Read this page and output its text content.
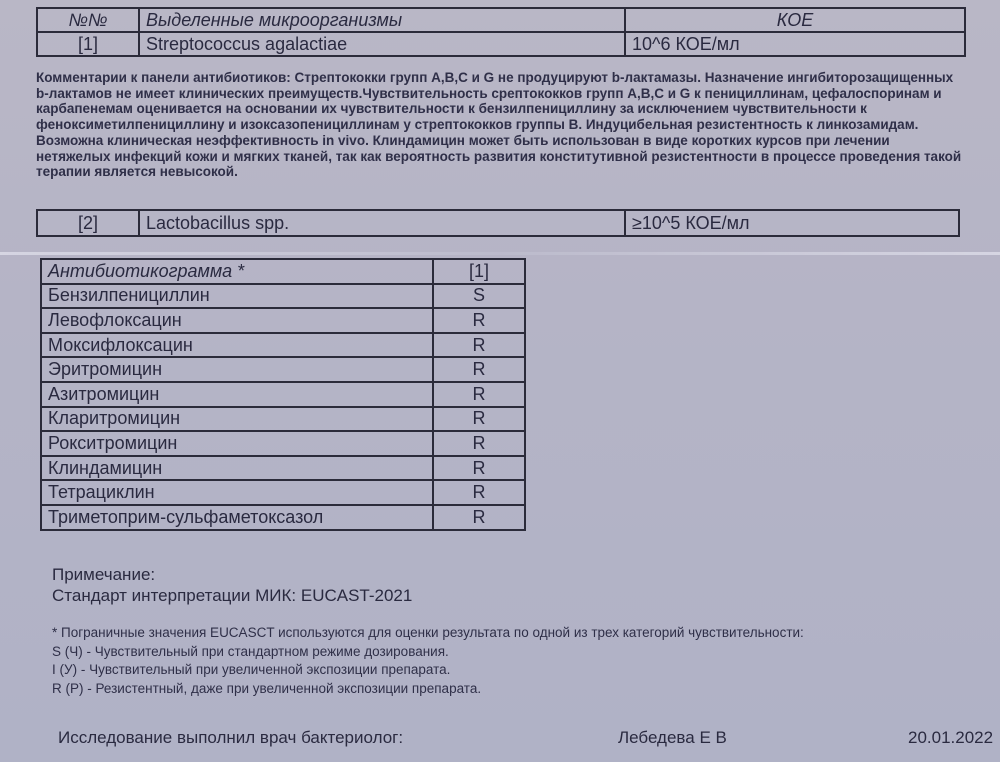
№№	Выделенные микроорганизмы	КОЕ
[1]	Streptococcus agalactiae	10^6 КОЕ/мл

Комментарии к панели антибиотиков: Стрептококки групп A,B,C и G не продуцируют b-лактамазы. Назначение ингибиторозащищенных b-лактамов не имеет клинических преимуществ.Чувствительность срептококков групп A,B,C и G к пенициллинам, цефалоспоринам и карбапенемам оценивается на основании их чувствительности к бензилпенициллину за исключением чувствительности к феноксиметилпенициллину и изоксазопенициллинам у стрептококков группы B. Индуцибельная резистентность к линкозамидам. Возможна клиническая неэффективность in vivo. Клиндамицин может быть использован в виде коротких курсов при лечении нетяжелых инфекций кожи и мягких тканей, так как вероятность развития конститутивной резистентности в процессе проведения такой терапии является невысокой.

[2]	Lactobacillus spp.	≥10^5 КОЕ/мл
Антибиотикограмма *	[1]
Бензилпенициллин	S
Левофлоксацин	R
Моксифлоксацин	R
Эритромицин	R
Азитромицин	R
Кларитромицин	R
Рокситромицин	R
Клиндамицин	R
Тетрациклин	R
Триметоприм-сульфаметоксазол	R

Примечание:

Стандарт интерпретации МИК: EUCAST-2021

* Пограничные значения EUCASCT используются для оценки результата по одной из трех категорий чувствительности:
S (Ч) - Чувствительный при стандартном режиме дозирования.
I (У) - Чувствительный при увеличенной экспозиции препарата.
R (Р) - Резистентный, даже при увеличенной экспозиции препарата.
Исследование выполнил врач бактериолог:	Лебедева Е В	20.01.2022
